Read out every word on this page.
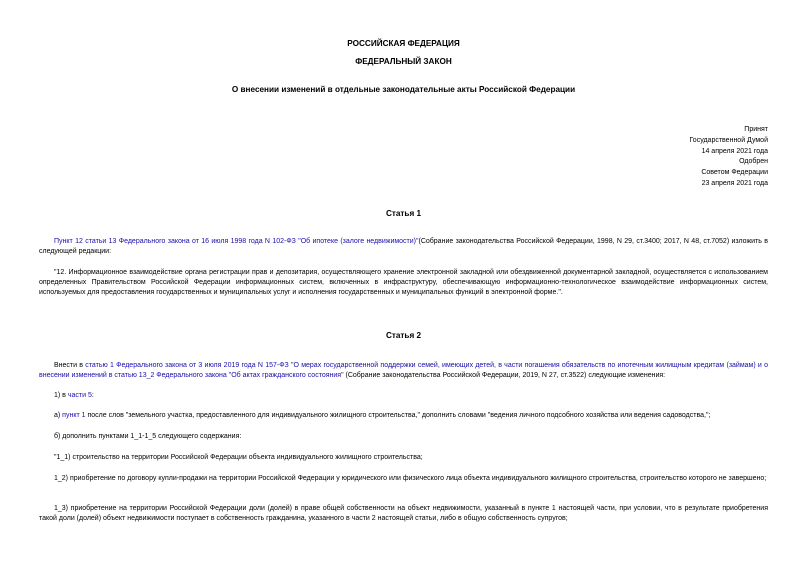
РОССИЙСКАЯ ФЕДЕРАЦИЯ
ФЕДЕРАЛЬНЫЙ ЗАКОН
О внесении изменений в отдельные законодательные акты Российской Федерации
Принят
Государственной Думой
14 апреля 2021 года
Одобрен
Советом Федерации
23 апреля 2021 года
Статья 1
Пункт 12 статьи 13 Федерального закона от 16 июля 1998 года N 102-ФЗ "Об ипотеке (залоге недвижимости)"(Собрание законодательства Российской Федерации, 1998, N 29, ст.3400; 2017, N 48, ст.7052) изложить в следующей редакции:
"12. Информационное взаимодействие органа регистрации прав и депозитария, осуществляющего хранение электронной закладной или обездвиженной документарной закладной, осуществляется с использованием определенных Правительством Российской Федерации информационных систем, включенных в инфраструктуру, обеспечивающую информационно-технологическое взаимодействие информационных систем, используемых для предоставления государственных и муниципальных услуг и исполнения государственных и муниципальных функций в электронной форме.".
Статья 2
Внести в статью 1 Федерального закона от 3 июля 2019 года N 157-ФЗ "О мерах государственной поддержки семей, имеющих детей, в части погашения обязательств по ипотечным жилищным кредитам (займам) и о внесении изменений в статью 13_2 Федерального закона "Об актах гражданского состояния" (Собрание законодательства Российской Федерации, 2019, N 27, ст.3522) следующие изменения:
1) в части 5:
а) пункт 1 после слов "земельного участка, предоставленного для индивидуального жилищного строительства," дополнить словами "ведения личного подсобного хозяйства или ведения садоводства,";
б) дополнить пунктами 1_1-1_5 следующего содержания:
"1_1) строительство на территории Российской Федерации объекта индивидуального жилищного строительства;
1_2) приобретение по договору купли-продажи на территории Российской Федерации у юридического или физического лица объекта индивидуального жилищного строительства, строительство которого не завершено;
1_3) приобретение на территории Российской Федерации доли (долей) в праве общей собственности на объект недвижимости, указанный в пункте 1 настоящей части, при условии, что в результате приобретения такой доли (долей) объект недвижимости поступает в собственность гражданина, указанного в части 2 настоящей статьи, либо в общую собственность супругов;
